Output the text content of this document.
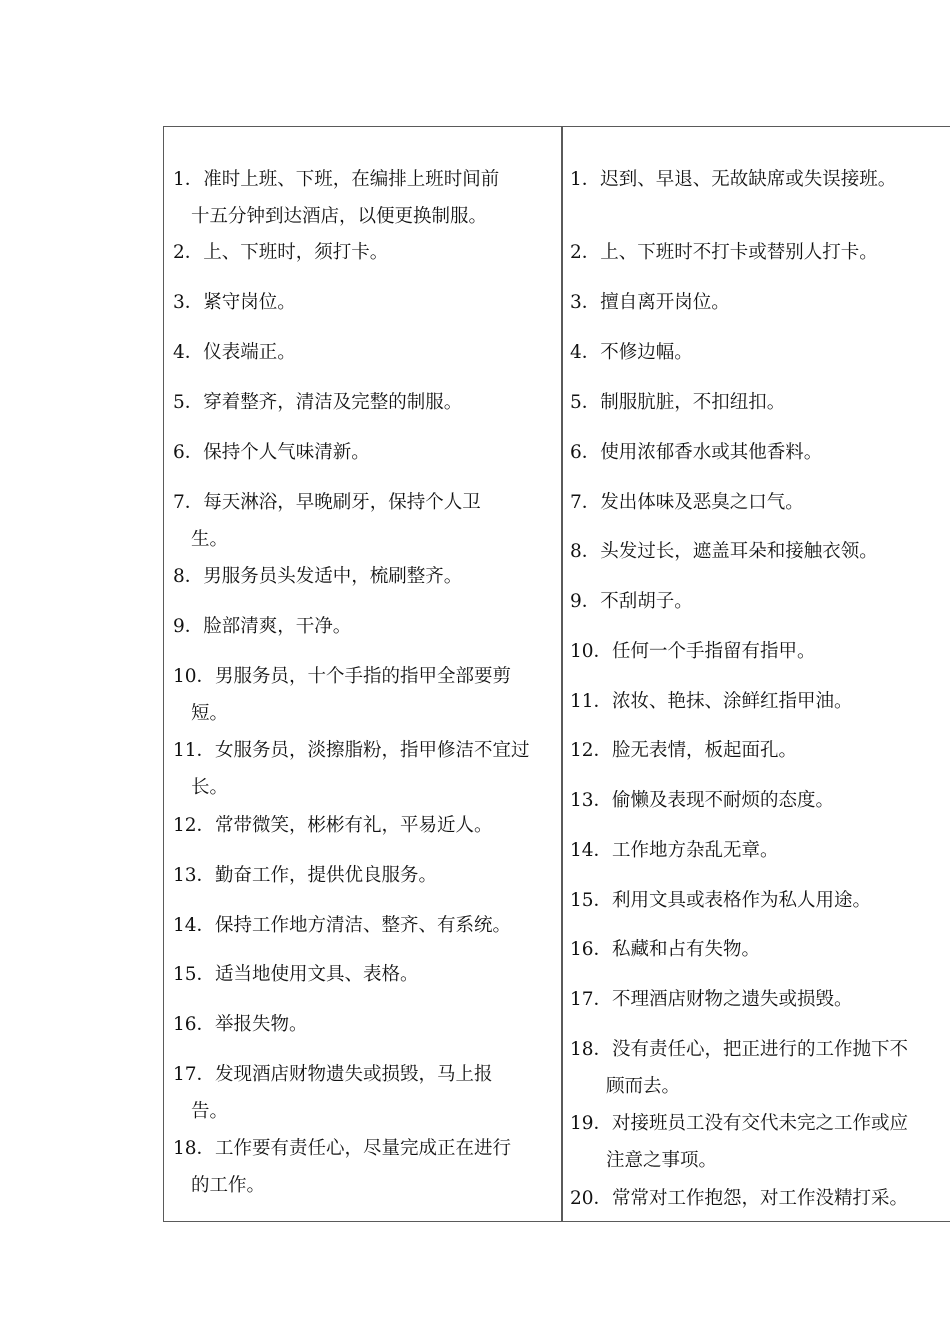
1．准时上班、下班，在编排上班时间前
十五分钟到达酒店，以便更换制服。
2．上、下班时，须打卡。
3．紧守岗位。
4．仪表端正。
5．穿着整齐，清洁及完整的制服。
6．保持个人气味清新。
7．每天淋浴，早晚刷牙，保持个人卫
生。
8．男服务员头发适中，梳刷整齐。
9．脸部清爽，干净。
10．男服务员，十个手指的指甲全部要剪
短。
11．女服务员，淡擦脂粉，指甲修洁不宜过
长。
12．常带微笑，彬彬有礼，平易近人。
13．勤奋工作，提供优良服务。
14．保持工作地方清洁、整齐、有系统。
15．适当地使用文具、表格。
16．举报失物。
17．发现酒店财物遗失或损毁，马上报
告。
18．工作要有责任心，尽量完成正在进行
的工作。
1．迟到、早退、无故缺席或失误接班。
2．上、下班时不打卡或替别人打卡。
3．擅自离开岗位。
4．不修边幅。
5．制服肮脏，不扣纽扣。
6．使用浓郁香水或其他香料。
7．发出体味及恶臭之口气。
8．头发过长，遮盖耳朵和接触衣领。
9．不刮胡子。
10．任何一个手指留有指甲。
11．浓妆、艳抹、涂鲜红指甲油。
12．脸无表情，板起面孔。
13．偷懒及表现不耐烦的态度。
14．工作地方杂乱无章。
15．利用文具或表格作为私人用途。
16．私藏和占有失物。
17．不理酒店财物之遗失或损毁。
18．没有责任心，把正进行的工作抛下不
顾而去。
19．对接班员工没有交代未完之工作或应
注意之事项。
20．常常对工作抱怨，对工作没精打采。
